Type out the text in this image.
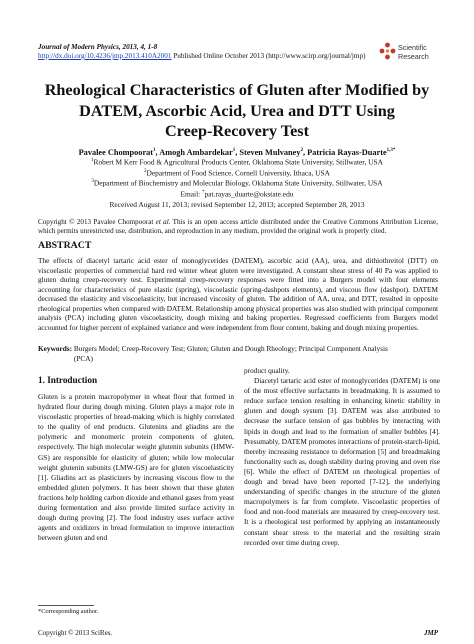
Journal of Modern Physics, 2013, 4, 1-8
http://dx.doi.org/10.4236/jmp.2013.410A2001 Published Online October 2013 (http://www.scirp.org/journal/jmp)
Scientific
Research
Rheological Characteristics of Gluten after Modified by
DATEM, Ascorbic Acid, Urea and DTT Using
Creep-Recovery Test
Pavalee Chompoorat$^1$, Amogh Ambardekar$^1$, Steven Mulvaney$^2$, Patricia Rayas-Duarte$^{1,3*}$
$^1$Robert M Kerr Food & Agricultural Products Center, Oklahoma State University, Stillwater, USA
$^2$Department of Food Science, Cornell University, Ithaca, USA
$^3$Department of Biochemistry and Molecular Biology, Oklahoma State University, Stillwater, USA
Email: *pat.rayas_duarte@okstate.edu
Received August 11, 2013; revised September 12, 2013; accepted September 28, 2013
Copyright © 2013 Pavalee Chompoorat et al. This is an open access article distributed under the Creative Commons Attribution License, which permits unrestricted use, distribution, and reproduction in any medium, provided the original work is properly cited.
ABSTRACT
The effects of diacetyl tartaric acid ester of monoglycerides (DATEM), ascorbic acid (AA), urea, and dithiothreitol (DTT) on viscoelastic properties of commercial hard red winter wheat gluten were investigated. A constant shear stress of 40 Pa was applied to gluten during creep-recovery test. Experimental creep-recovery responses were fitted into a Burgers model with four elements accounting for characteristics of pure elastic (spring), viscoelastic (spring-dashpots elements), and viscous flow (dashpot). DATEM decreased the elasticity and viscoelasticity, but increased viscosity of gluten. The addition of AA, urea, and DTT, resulted in opposite rheological properties when compared with DATEM. Relationship among physical properties was also studied with principal component analysis (PCA) including gluten viscoelasticity, dough mixing and baking properties. Regressed coefficients from Burgers model accounted for higher percent of explained variance and were independent from flour content, baking and dough mixing properties.
Keywords: Burgers Model; Creep-Recovery Test; Gluten; Gluten and Dough Rheology; Principal Component Analysis (PCA)
1. Introduction
Gluten is a protein macropolymer in wheat flour that formed in hydrated flour during dough mixing. Gluten plays a major role in viscoelastic properties of bread-making which is highly correlated to the quality of end products. Glutenins and gliadins are the polymeric and monomeric protein components of gluten, respectively. The high molecular weight glutenin subunits (HMW-GS) are responsible for elasticity of gluten; while low molecular weight glutenin subunits (LMW-GS) are for gluten viscoelasticity [1]. Gliadins act as plasticizers by increasing viscous flow to the embedded gluten polymers. It has been shown that these gluten fractions help holding carbon dioxide and ethanol gases from yeast during fermentation and also provide limited surface activity in dough during proving [2]. The food industry uses surface active agents and oxidizers in bread formulation to improve interaction between gluten and end
product quality.
Diacetyl tartaric acid ester of monoglycerides (DATEM) is one of the most effective surfactants in breadmaking. It is assumed to reduce surface tension resulting in enhancing kinetic stability in gluten and dough system [3]. DATEM was also attributed to decrease the surface tension of gas bubbles by interacting with lipids in dough and lead to the formation of smaller bubbles [4]. Presumably, DATEM promotes interactions of protein-starch-lipid, thereby increasing resistance to deformation [5] and breadmaking functionality such as, dough stability during proving and oven rise [6]. While the effect of DATEM on rheological properties of dough and bread have been reported [7-12], the underlying understanding of specific changes in the structure of the gluten macropolymers is far from complete. Viscoelastic properties of food and non-food materials are measured by creep-recovery test. It is a rheological test performed by applying an instantaneously constant shear stress to the material and the resulting strain recorded over time during creep.
*Corresponding author.
Copyright © 2013 SciRes.	JMP
